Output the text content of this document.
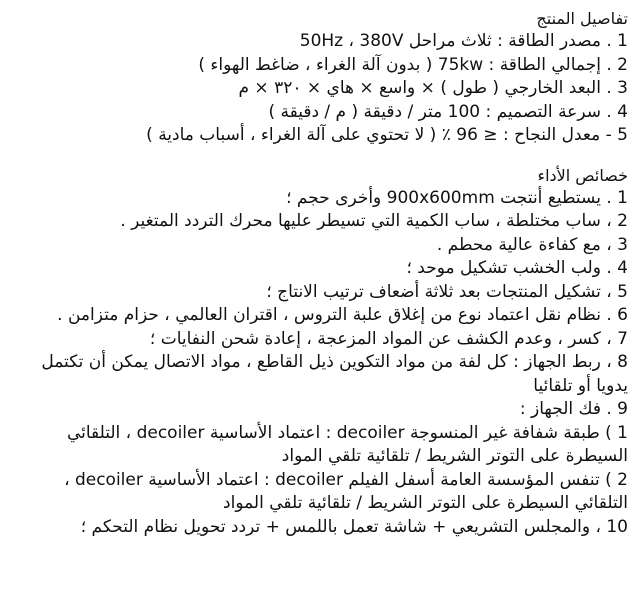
تفاصيل المنتج

1 . مصدر الطاقة : ثلاث مراحل 50Hz ، 380V

2 . إجمالي الطاقة : 75kw ( بدون آلة الغراء ، ضاغط الهواء )

3 . البعد الخارجي ( طول ) × واسع × هاي × ٣٢٠ × م

4 . سرعة التصميم : 100 متر / دقيقة ( م / دقيقة )

5 - معدل النجاح : ≤ 96 ٪ ( لا تحتوي على آلة الغراء ، أسباب مادية )

خصائص الأداء

1 . يستطيع أنتجت 900x600mm وأخرى حجم ؛

2 ، ساب مختلطة ، ساب الكمية التي تسيطر عليها محرك التردد المتغير .

3 ، مع كفاءة عالية محطم .

4 . ولب الخشب تشكيل موحد ؛

5 ، تشكيل المنتجات بعد ثلاثة أضعاف ترتيب الانتاج ؛

6 . نظام نقل اعتماد نوع من إغلاق علبة التروس ، اقتران العالمي ، حزام متزامن .

7 ، كسر ، وعدم الكشف عن المواد المزعجة ، إعادة شحن النفايات ؛

8 ، ربط الجهاز : كل لفة من مواد التكوين ذيل القاطع ، مواد الاتصال يمكن أن تكتمل يدويا أو تلقائيا

9 . فك الجهاز :

1 ) طبقة شفافة غير المنسوجة decoiler : اعتماد الأساسية decoiler ، التلقائي السيطرة على التوتر الشريط / تلقائية تلقي المواد

2 ) تنفس المؤسسة العامة أسفل الفيلم decoiler : اعتماد الأساسية decoiler ، التلقائي السيطرة على التوتر الشريط / تلقائية تلقي المواد

10 ، والمجلس التشريعي + شاشة تعمل باللمس + تردد تحويل نظام التحكم ؛
